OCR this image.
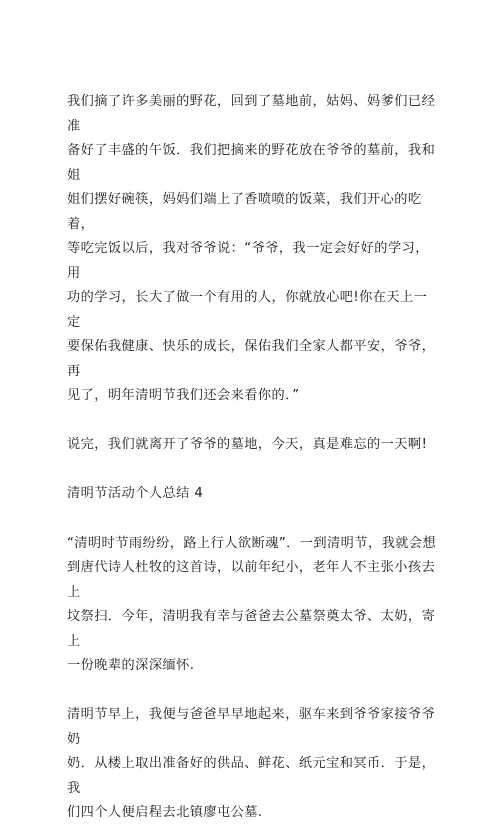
我们摘了许多美丽的野花，回到了墓地前，姑妈、妈爹们已经准
备好了丰盛的午饭．我们把摘来的野花放在爷爷的墓前，我和姐
姐们摆好碗筷，妈妈们端上了香喷喷的饭菜，我们开心的吃着，
等吃完饭以后，我对爷爷说：“爷爷，我一定会好好的学习，用
功的学习，长大了做一个有用的人，你就放心吧!你在天上一定
要保佑我健康、快乐的成长，保佑我们全家人都平安，爷爷，再
见了，明年清明节我们还会来看你的．”

说完，我们就离开了爷爷的墓地，今天，真是难忘的一天啊!

清明节活动个人总结 4

“清明时节雨纷纷，路上行人欲断魂”．一到清明节，我就会想
到唐代诗人杜牧的这首诗，以前年纪小，老年人不主张小孩去上
坟祭扫．今年，清明我有幸与爸爸去公墓祭奠太爷、太奶，寄上
一份晚辈的深深缅怀.

清明节早上，我便与爸爸早早地起来，驱车来到爷爷家接爷爷奶
奶．从楼上取出准备好的供品、鲜花、纸元宝和冥币．于是，我
们四个人便启程去北镇廖屯公墓.
